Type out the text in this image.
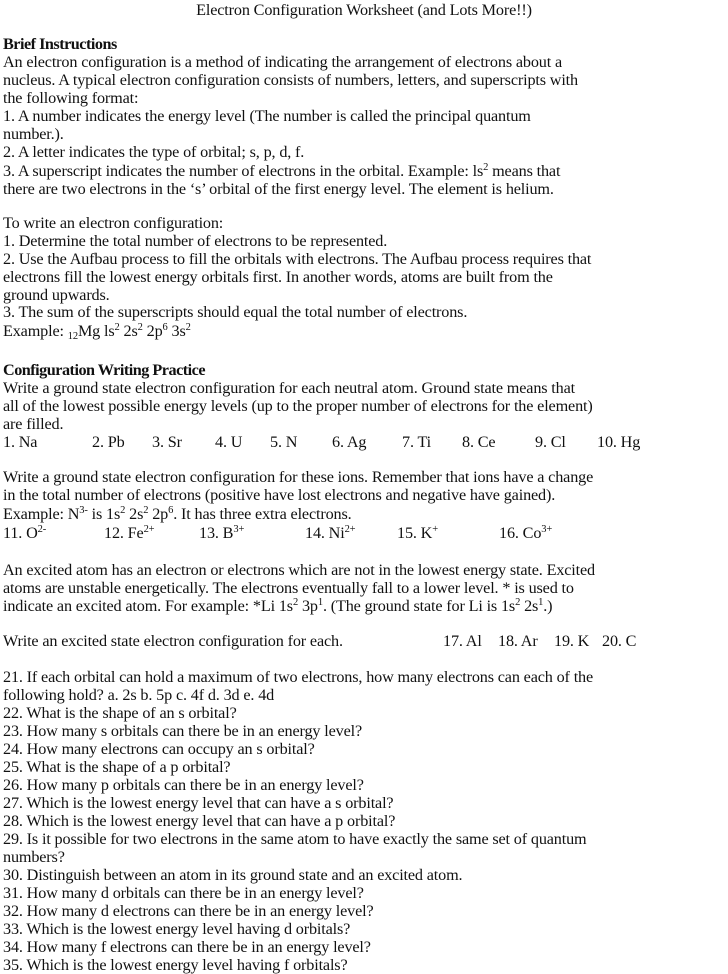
Electron Configuration Worksheet (and Lots More!!)
Brief Instructions
An electron configuration is a method of indicating the arrangement of electrons about a
nucleus. A typical electron configuration consists of numbers, letters, and superscripts with
the following format:
1. A number indicates the energy level (The number is called the principal quantum
number.).
2. A letter indicates the type of orbital; s, p, d, f.
3. A superscript indicates the number of electrons in the orbital. Example: $ls^2$ means that
there are two electrons in the ‘s’ orbital of the first energy level. The element is helium.
To write an electron configuration:
1. Determine the total number of electrons to be represented.
2. Use the Aufbau process to fill the orbitals with electrons. The Aufbau process requires that
electrons fill the lowest energy orbitals first. In another words, atoms are built from the
ground upwards.
3. The sum of the superscripts should equal the total number of electrons.
Example: $_{12}$Mg $ls^2$ $2s^2$ $2p^6$ $3s^2$
Configuration Writing Practice
Write a ground state electron configuration for each neutral atom. Ground state means that
all of the lowest possible energy levels (up to the proper number of electrons for the element)
are filled.
1. Na	2. Pb 3. Sr 4. U 5. N 6. Ag 7. Ti 8. Ce 9. Cl 10. Hg
Write a ground state electron configuration for these ions. Remember that ions have a change
in the total number of electrons (positive have lost electrons and negative have gained).
Example: $N^{3-}$ is $1s^2$ $2s^2$ $2p^6$. It has three extra electrons.
11. $O^{2-}$	12. $Fe^{2+}$	13. $B^{3+}$	14. $Ni^{2+}$	15. K+	16. $Co^{3+}$
An excited atom has an electron or electrons which are not in the lowest energy state. Excited
atoms are unstable energetically. The electrons eventually fall to a lower level. * is used to
indicate an excited atom. For example: *Li $1s^2$ $3p^1$. (The ground state for Li is $1s^2$ $2s^1$.)
Write an excited state electron configuration for each.	17. Al 18. Ar 19. K 20. C
21. If each orbital can hold a maximum of two electrons, how many electrons can each of the
following hold? a. 2s b. 5p c. 4f d. 3d e. 4d
22. What is the shape of an s orbital?
23. How many s orbitals can there be in an energy level?
24. How many electrons can occupy an s orbital?
25. What is the shape of a p orbital?
26. How many p orbitals can there be in an energy level?
27. Which is the lowest energy level that can have a s orbital?
28. Which is the lowest energy level that can have a p orbital?
29. Is it possible for two electrons in the same atom to have exactly the same set of quantum
numbers?
30. Distinguish between an atom in its ground state and an excited atom.
31. How many d orbitals can there be in an energy level?
32. How many d electrons can there be in an energy level?
33. Which is the lowest energy level having d orbitals?
34. How many f electrons can there be in an energy level?
35. Which is the lowest energy level having f orbitals?
